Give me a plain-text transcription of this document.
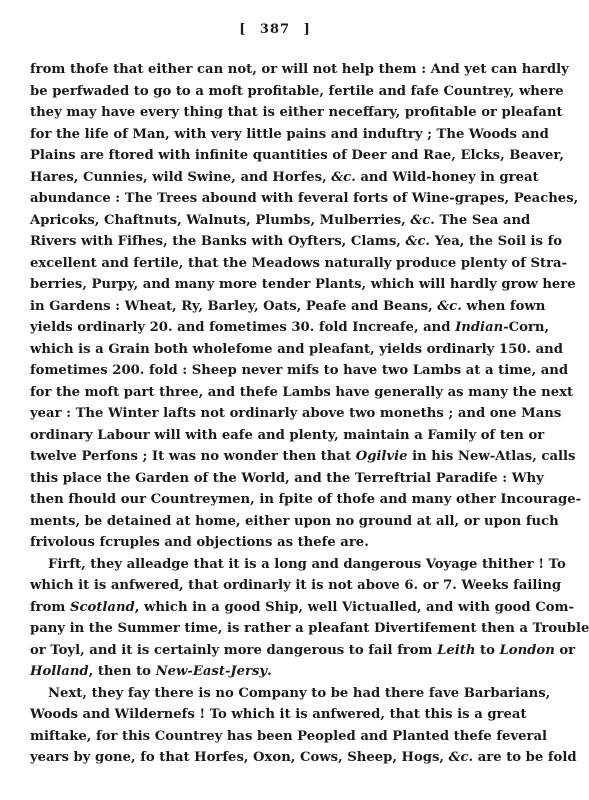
[ 387 ]
from thofe that either can not, or will not help them : And yet can hardly
be perfwaded to go to a moft profitable, fertile and fafe Countrey, where
they may have every thing that is either neceffary, profitable or pleafant
for the life of Man, with very little pains and induftry ; The Woods and
Plains are ftored with infinite quantities of Deer and Rae, Elcks, Beaver,
Hares, Cunnies, wild Swine, and Horfes, &c. and Wild-honey in great
abundance : The Trees abound with feveral forts of Wine-grapes, Peaches,
Apricoks, Chaftnuts, Walnuts, Plumbs, Mulberries, &c. The Sea and
Rivers with Fifhes, the Banks with Oyfters, Clams, &c. Yea, the Soil is fo
excellent and fertile, that the Meadows naturally produce plenty of Stra-
berries, Purpy, and many more tender Plants, which will hardly grow here
in Gardens : Wheat, Ry, Barley, Oats, Peafe and Beans, &c. when fown
yields ordinarly 20. and fometimes 30. fold Increafe, and Indian-Corn,
which is a Grain both wholefome and pleafant, yields ordinarly 150. and
fometimes 200. fold : Sheep never mifs to have two Lambs at a time, and
for the moft part three, and thefe Lambs have generally as many the next
year : The Winter lafts not ordinarly above two moneths ; and one Mans
ordinary Labour will with eafe and plenty, maintain a Family of ten or
twelve Perfons ; It was no wonder then that Ogilvie in his New-Atlas, calls
this place the Garden of the World, and the Terreftrial Paradife : Why
then fhould our Countreymen, in fpite of thofe and many other Incourage-
ments, be detained at home, either upon no ground at all, or upon fuch
frivolous fcruples and objections as thefe are.
Firft, they alleadge that it is a long and dangerous Voyage thither ! To
which it is anfwered, that ordinarly it is not above 6. or 7. Weeks failing
from Scotland, which in a good Ship, well Victualled, and with good Com-
pany in the Summer time, is rather a pleafant Divertifement then a Trouble
or Toyl, and it is certainly more dangerous to fail from Leith to London or
Holland, then to New-East-Jersy.
Next, they fay there is no Company to be had there fave Barbarians,
Woods and Wildernefs ! To which it is anfwered, that this is a great
miftake, for this Countrey has been Peopled and Planted thefe feveral
years by gone, fo that Horfes, Oxon, Cows, Sheep, Hogs, &c. are to be fold
